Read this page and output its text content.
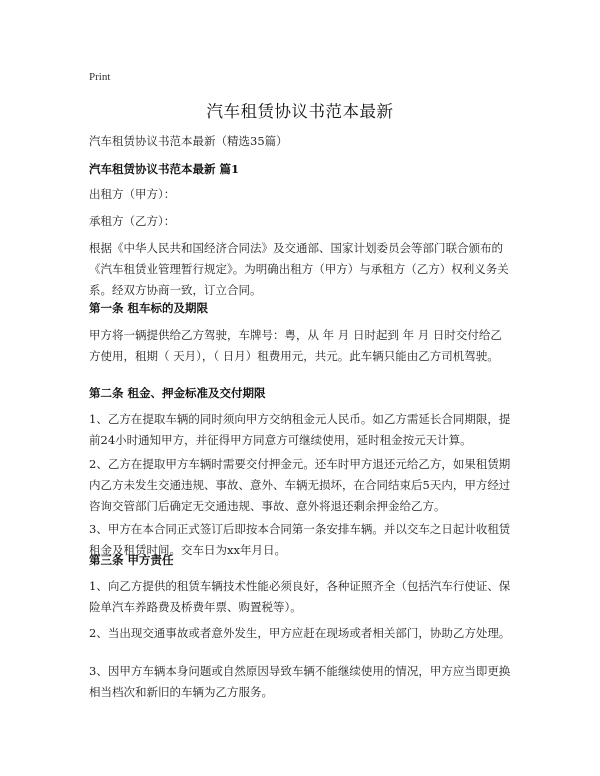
Print
汽车租赁协议书范本最新

汽车租赁协议书范本最新（精选35篇）

汽车租赁协议书范本最新 篇1

出租方（甲方）：

承租方（乙方）：

根据《中华人民共和国经济合同法》及交通部、国家计划委员会等部门联合颁布的《汽车租赁业管理暂行规定》。为明确出租方（甲方）与承租方（乙方）权利义务关系。经双方协商一致，订立合同。

第一条 租车标的及期限

甲方将一辆提供给乙方驾驶，车牌号：粤，从 年 月 日时起到 年 月 日时交付给乙方使用，租期（ 天月），（ 日月）租费用元，共元。此车辆只能由乙方司机驾驶。

第二条 租金、押金标准及交付期限

1、乙方在提取车辆的同时须向甲方交纳租金元人民币。如乙方需延长合同期限，提前24小时通知甲方，并征得甲方同意方可继续使用，延时租金按元天计算。

2、乙方在提取甲方车辆时需要交付押金元。还车时甲方退还元给乙方，如果租赁期内乙方未发生交通违规、事故、意外、车辆无损坏，在合同结束后5天内，甲方经过咨询交管部门后确定无交通违规、事故、意外将退还剩余押金给乙方。

3、甲方在本合同正式签订后即按本合同第一条安排车辆。并以交车之日起计收租赁租金及租赁时间。交车日为xx年月日。

第三条 甲方责任

1、向乙方提供的租赁车辆技术性能必须良好，各种证照齐全（包括汽车行使证、保险单汽车养路费及桥费年票、购置税等）。

2、当出现交通事故或者意外发生，甲方应赶在现场或者相关部门，协助乙方处理。

3、因甲方车辆本身问题或自然原因导致车辆不能继续使用的情况，甲方应当即更换相当档次和新旧的车辆为乙方服务。
